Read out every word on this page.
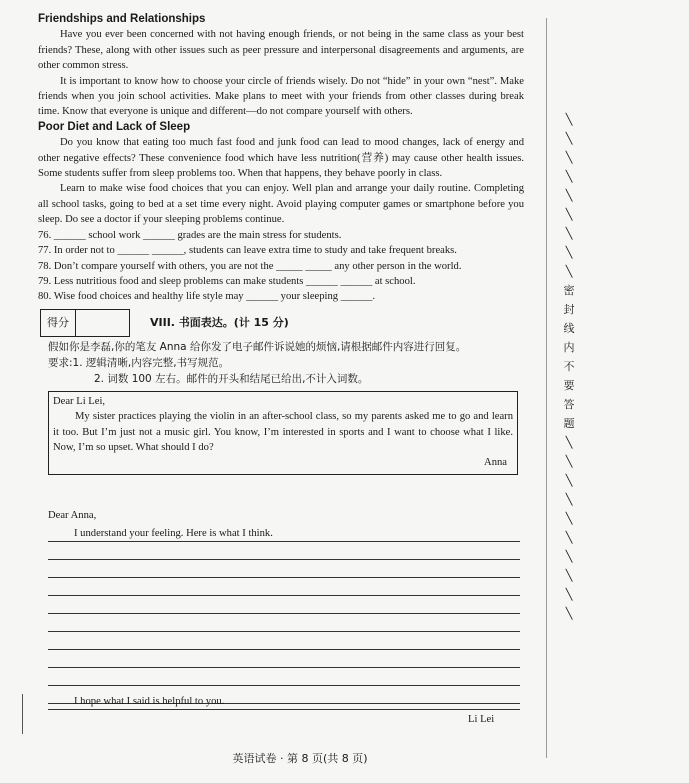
Friendships and Relationships

Have you ever been concerned with not having enough friends, or not being in the same class as your best friends? These, along with other issues such as peer pressure and interpersonal disagreements and arguments, are other common stress.

It is important to know how to choose your circle of friends wisely. Do not “hide” in your own “nest”. Make friends when you join school activities. Make plans to meet with your friends from other classes during break time. Know that everyone is unique and different—do not compare yourself with others.

Poor Diet and Lack of Sleep

Do you know that eating too much fast food and junk food can lead to mood changes, lack of energy and other negative effects? These convenience food which have less nutrition(营养) may cause other health issues. Some students suffer from sleep problems too. When that happens, they behave poorly in class.

Learn to make wise food choices that you can enjoy. Well plan and arrange your daily routine. Completing all school tasks, going to bed at a set time every night. Avoid playing computer games or smartphone before you sleep. Do see a doctor if your sleeping problems continue.

76. ______ school work ______ grades are the main stress for students.

77. In order not to ______ ______, students can leave extra time to study and take frequent breaks.

78. Don’t compare yourself with others, you are not the _____ _____ any other person in the world.

79. Less nutritious food and sleep problems can make students ______ ______ at school.

80. Wise food choices and healthy life style may ______ your sleeping ______.

得分	VIII. 书面表达。(计 15 分)

假如你是李磊,你的笔友 Anna 给你发了电子邮件诉说她的烦恼,请根据邮件内容进行回复。

要求:1. 逻辑清晰,内容完整,书写规范。

2. 词数 100 左右。邮件的开头和结尾已给出,不计入词数。

Dear Li Lei,

My sister practices playing the violin in an after-school class, so my parents asked me to go and learn it too. But I’m just not a music girl. You know, I’m interested in sports and I want to choose what I like. Now, I’m so upset. What should I do?

Anna

Dear Anna,
I understand your feeling. Here is what I think.
I hope what I said is helpful to you.
Li Lei
╲
╲
╲
╲
╲
╲
╲
╲
╲
密
封
线
内
不
要
答
题
╲
╲
╲
╲
╲
╲
╲
╲
╲
╲
英语试卷 · 第 8 页(共 8 页)
